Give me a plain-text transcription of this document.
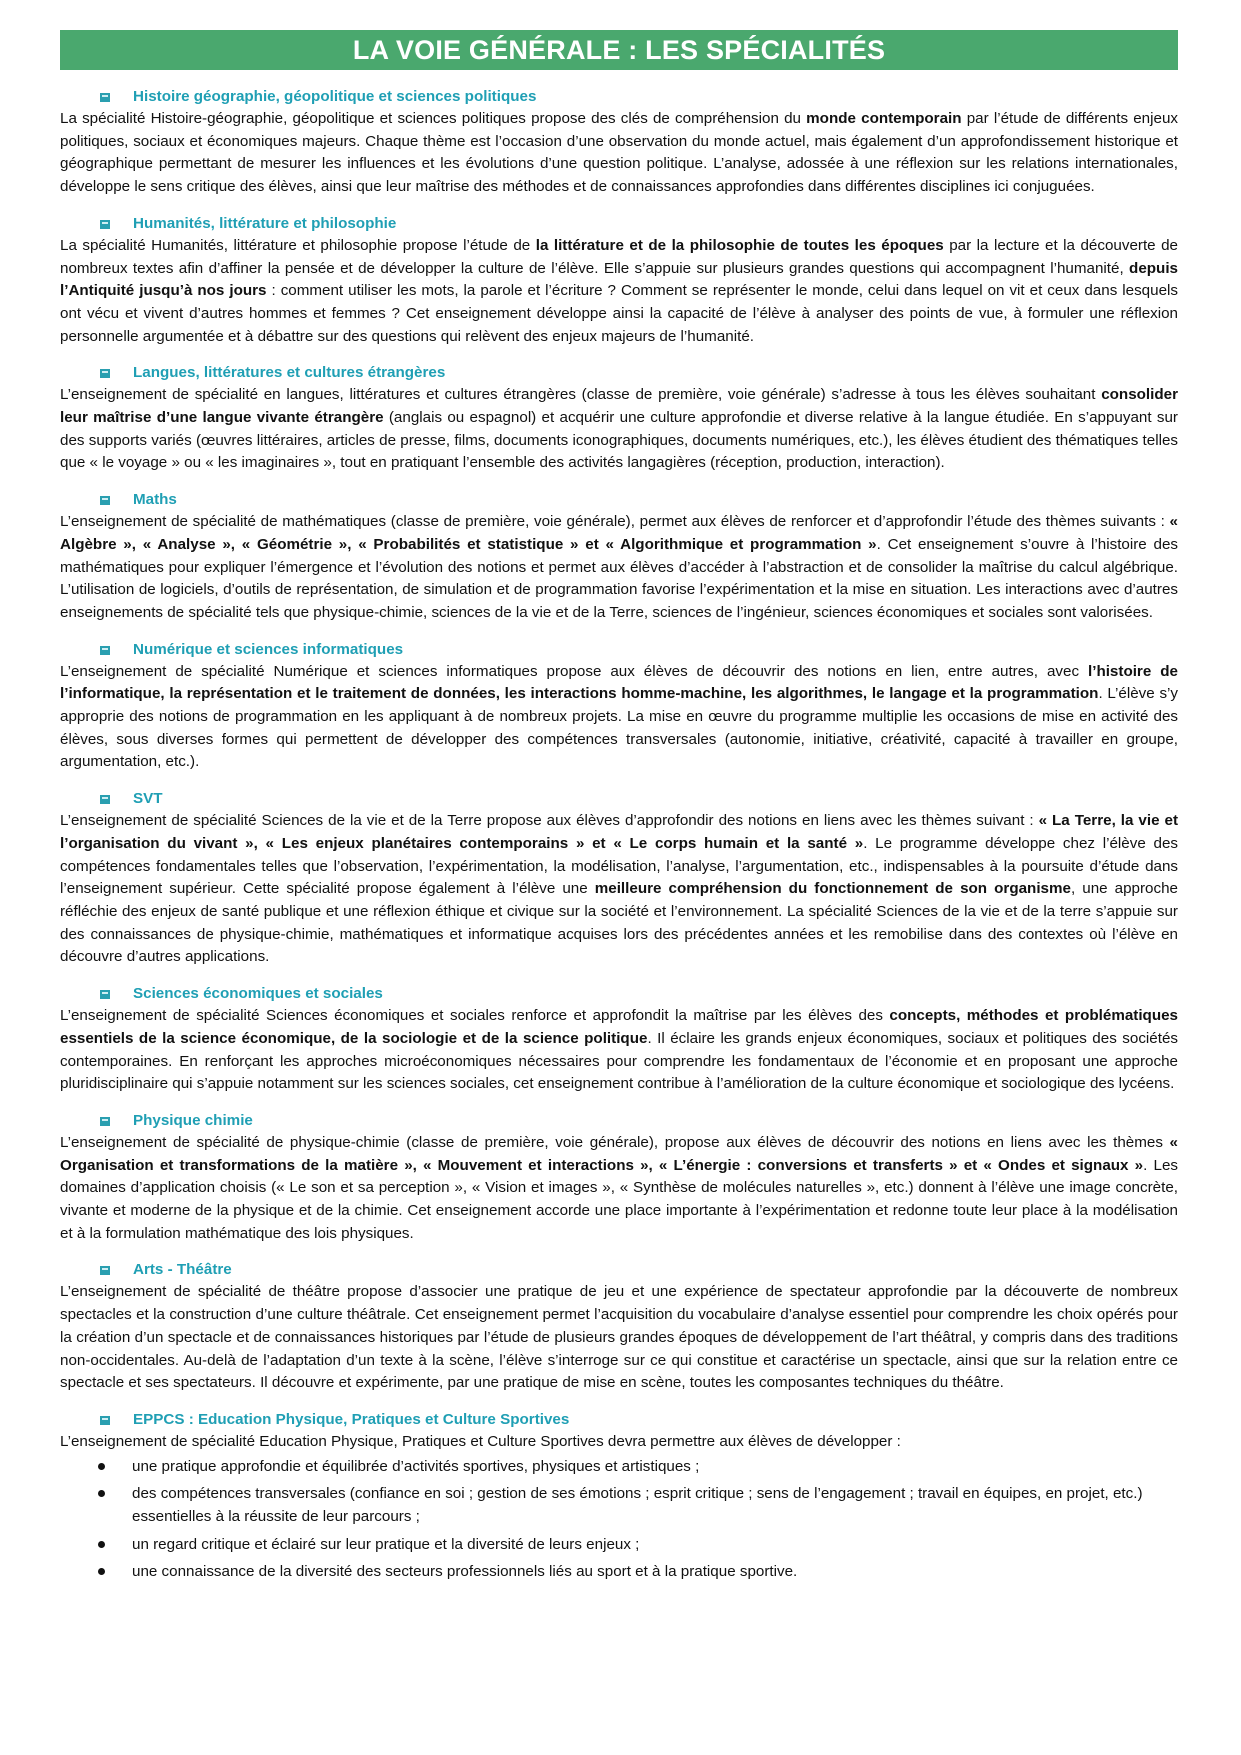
LA VOIE GÉNÉRALE : LES SPÉCIALITÉS
Histoire géographie, géopolitique et sciences politiques

La spécialité Histoire-géographie, géopolitique et sciences politiques propose des clés de compréhension du monde contemporain par l’étude de différents enjeux politiques, sociaux et économiques majeurs. Chaque thème est l’occasion d’une observation du monde actuel, mais également d’un approfondissement historique et géographique permettant de mesurer les influences et les évolutions d’une question politique. L’analyse, adossée à une réflexion sur les relations internationales, développe le sens critique des élèves, ainsi que leur maîtrise des méthodes et de connaissances approfondies dans différentes disciplines ici conjuguées.

Humanités, littérature et philosophie

La spécialité Humanités, littérature et philosophie propose l’étude de la littérature et de la philosophie de toutes les époques par la lecture et la découverte de nombreux textes afin d’affiner la pensée et de développer la culture de l’élève. Elle s’appuie sur plusieurs grandes questions qui accompagnent l’humanité, depuis l’Antiquité jusqu’à nos jours : comment utiliser les mots, la parole et l’écriture ? Comment se représenter le monde, celui dans lequel on vit et ceux dans lesquels ont vécu et vivent d’autres hommes et femmes ? Cet enseignement développe ainsi la capacité de l’élève à analyser des points de vue, à formuler une réflexion personnelle argumentée et à débattre sur des questions qui relèvent des enjeux majeurs de l’humanité.

Langues, littératures et cultures étrangères

L’enseignement de spécialité en langues, littératures et cultures étrangères (classe de première, voie générale) s’adresse à tous les élèves souhaitant consolider leur maîtrise d’une langue vivante étrangère (anglais ou espagnol) et acquérir une culture approfondie et diverse relative à la langue étudiée. En s’appuyant sur des supports variés (œuvres littéraires, articles de presse, films, documents iconographiques, documents numériques, etc.), les élèves étudient des thématiques telles que « le voyage » ou « les imaginaires », tout en pratiquant l’ensemble des activités langagières (réception, production, interaction).

Maths

L’enseignement de spécialité de mathématiques (classe de première, voie générale), permet aux élèves de renforcer et d’approfondir l’étude des thèmes suivants : « Algèbre », « Analyse », « Géométrie », « Probabilités et statistique » et « Algorithmique et programmation ». Cet enseignement s’ouvre à l’histoire des mathématiques pour expliquer l’émergence et l’évolution des notions et permet aux élèves d’accéder à l’abstraction et de consolider la maîtrise du calcul algébrique. L’utilisation de logiciels, d’outils de représentation, de simulation et de programmation favorise l’expérimentation et la mise en situation. Les interactions avec d’autres enseignements de spécialité tels que physique-chimie, sciences de la vie et de la Terre, sciences de l’ingénieur, sciences économiques et sociales sont valorisées.

Numérique et sciences informatiques

L’enseignement de spécialité Numérique et sciences informatiques propose aux élèves de découvrir des notions en lien, entre autres, avec l’histoire de l’informatique, la représentation et le traitement de données, les interactions homme-machine, les algorithmes, le langage et la programmation. L’élève s’y approprie des notions de programmation en les appliquant à de nombreux projets. La mise en œuvre du programme multiplie les occasions de mise en activité des élèves, sous diverses formes qui permettent de développer des compétences transversales (autonomie, initiative, créativité, capacité à travailler en groupe, argumentation, etc.).

SVT

L’enseignement de spécialité Sciences de la vie et de la Terre propose aux élèves d’approfondir des notions en liens avec les thèmes suivant : « La Terre, la vie et l’organisation du vivant », « Les enjeux planétaires contemporains » et « Le corps humain et la santé ». Le programme développe chez l’élève des compétences fondamentales telles que l’observation, l’expérimentation, la modélisation, l’analyse, l’argumentation, etc., indispensables à la poursuite d’étude dans l’enseignement supérieur. Cette spécialité propose également à l’élève une meilleure compréhension du fonctionnement de son organisme, une approche réfléchie des enjeux de santé publique et une réflexion éthique et civique sur la société et l’environnement. La spécialité Sciences de la vie et de la terre s’appuie sur des connaissances de physique-chimie, mathématiques et informatique acquises lors des précédentes années et les remobilise dans des contextes où l’élève en découvre d’autres applications.

Sciences économiques et sociales

L’enseignement de spécialité Sciences économiques et sociales renforce et approfondit la maîtrise par les élèves des concepts, méthodes et problématiques essentiels de la science économique, de la sociologie et de la science politique. Il éclaire les grands enjeux économiques, sociaux et politiques des sociétés contemporaines. En renforçant les approches microéconomiques nécessaires pour comprendre les fondamentaux de l’économie et en proposant une approche pluridisciplinaire qui s’appuie notamment sur les sciences sociales, cet enseignement contribue à l’amélioration de la culture économique et sociologique des lycéens.

Physique chimie

L’enseignement de spécialité de physique-chimie (classe de première, voie générale), propose aux élèves de découvrir des notions en liens avec les thèmes « Organisation et transformations de la matière », « Mouvement et interactions », « L’énergie : conversions et transferts » et « Ondes et signaux ». Les domaines d’application choisis (« Le son et sa perception », « Vision et images », « Synthèse de molécules naturelles », etc.) donnent à l’élève une image concrète, vivante et moderne de la physique et de la chimie. Cet enseignement accorde une place importante à l’expérimentation et redonne toute leur place à la modélisation et à la formulation mathématique des lois physiques.

Arts - Théâtre

L’enseignement de spécialité de théâtre propose d’associer une pratique de jeu et une expérience de spectateur approfondie par la découverte de nombreux spectacles et la construction d’une culture théâtrale. Cet enseignement permet l’acquisition du vocabulaire d’analyse essentiel pour comprendre les choix opérés pour la création d’un spectacle et de connaissances historiques par l’étude de plusieurs grandes époques de développement de l’art théâtral, y compris dans des traditions non-occidentales. Au-delà de l’adaptation d’un texte à la scène, l’élève s’interroge sur ce qui constitue et caractérise un spectacle, ainsi que sur la relation entre ce spectacle et ses spectateurs. Il découvre et expérimente, par une pratique de mise en scène, toutes les composantes techniques du théâtre.

EPPCS : Education Physique, Pratiques et Culture Sportives

L’enseignement de spécialité Education Physique, Pratiques et Culture Sportives devra permettre aux élèves de développer :

une pratique approfondie et équilibrée d’activités sportives, physiques et artistiques ;
des compétences transversales (confiance en soi ; gestion de ses émotions ; esprit critique ; sens de l’engagement ; travail en équipes, en projet, etc.) essentielles à la réussite de leur parcours ;
un regard critique et éclairé sur leur pratique et la diversité de leurs enjeux ;
une connaissance de la diversité des secteurs professionnels liés au sport et à la pratique sportive.
